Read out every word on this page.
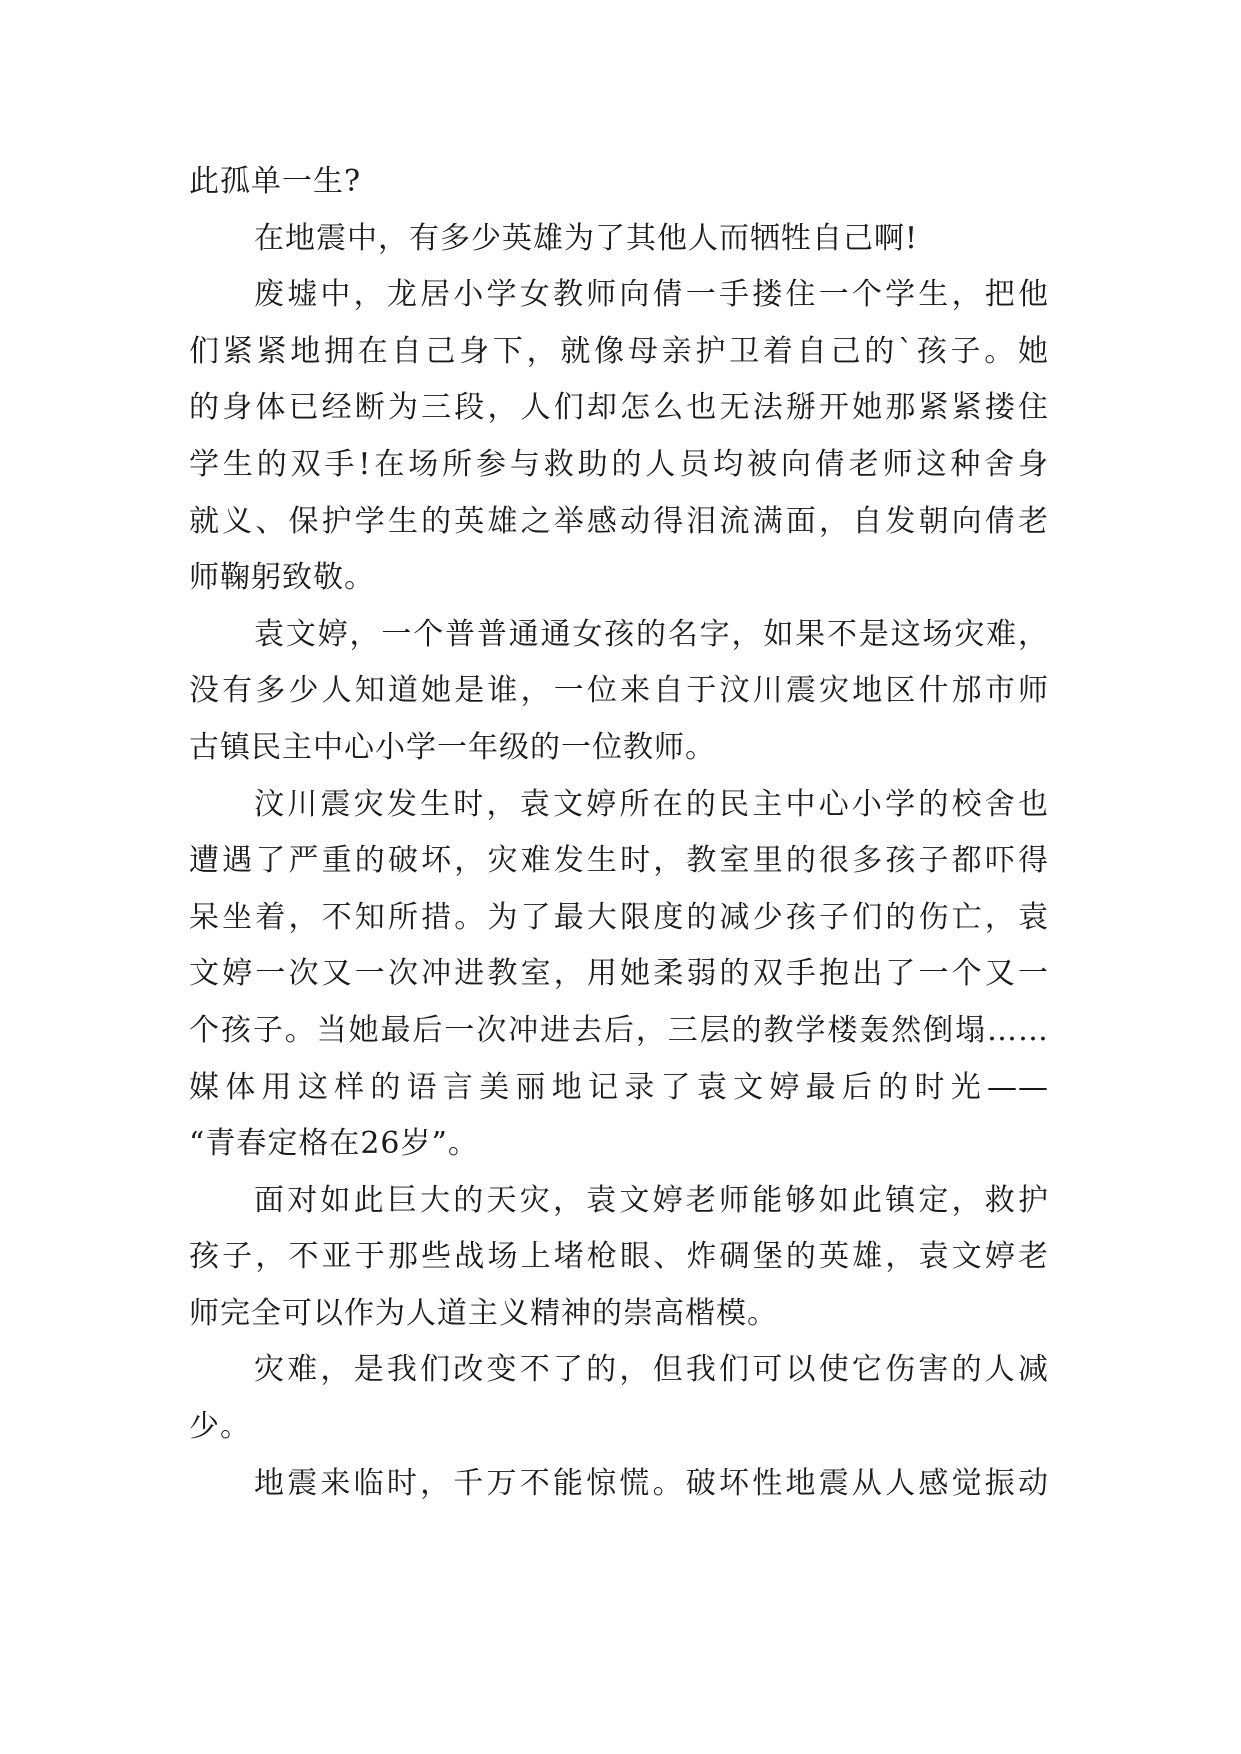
此孤单一生?
在地震中，有多少英雄为了其他人而牺牲自己啊!
废墟中，龙居小学女教师向倩一手搂住一个学生，把他
们紧紧地拥在自己身下，就像母亲护卫着自己的`孩子。她
的身体已经断为三段，人们却怎么也无法掰开她那紧紧搂住
学生的双手!在场所参与救助的人员均被向倩老师这种舍身
就义、保护学生的英雄之举感动得泪流满面，自发朝向倩老
师鞠躬致敬。
袁文婷，一个普普通通女孩的名字，如果不是这场灾难，
没有多少人知道她是谁，一位来自于汶川震灾地区什邡市师
古镇民主中心小学一年级的一位教师。
汶川震灾发生时，袁文婷所在的民主中心小学的校舍也
遭遇了严重的破坏，灾难发生时，教室里的很多孩子都吓得
呆坐着，不知所措。为了最大限度的减少孩子们的伤亡，袁
文婷一次又一次冲进教室，用她柔弱的双手抱出了一个又一
个孩子。当她最后一次冲进去后，三层的教学楼轰然倒塌……
媒体用这样的语言美丽地记录了袁文婷最后的时光——
“青春定格在26岁”。
面对如此巨大的天灾，袁文婷老师能够如此镇定，救护
孩子，不亚于那些战场上堵枪眼、炸碉堡的英雄，袁文婷老
师完全可以作为人道主义精神的崇高楷模。
灾难，是我们改变不了的，但我们可以使它伤害的人减
少。
地震来临时，千万不能惊慌。破坏性地震从人感觉振动
